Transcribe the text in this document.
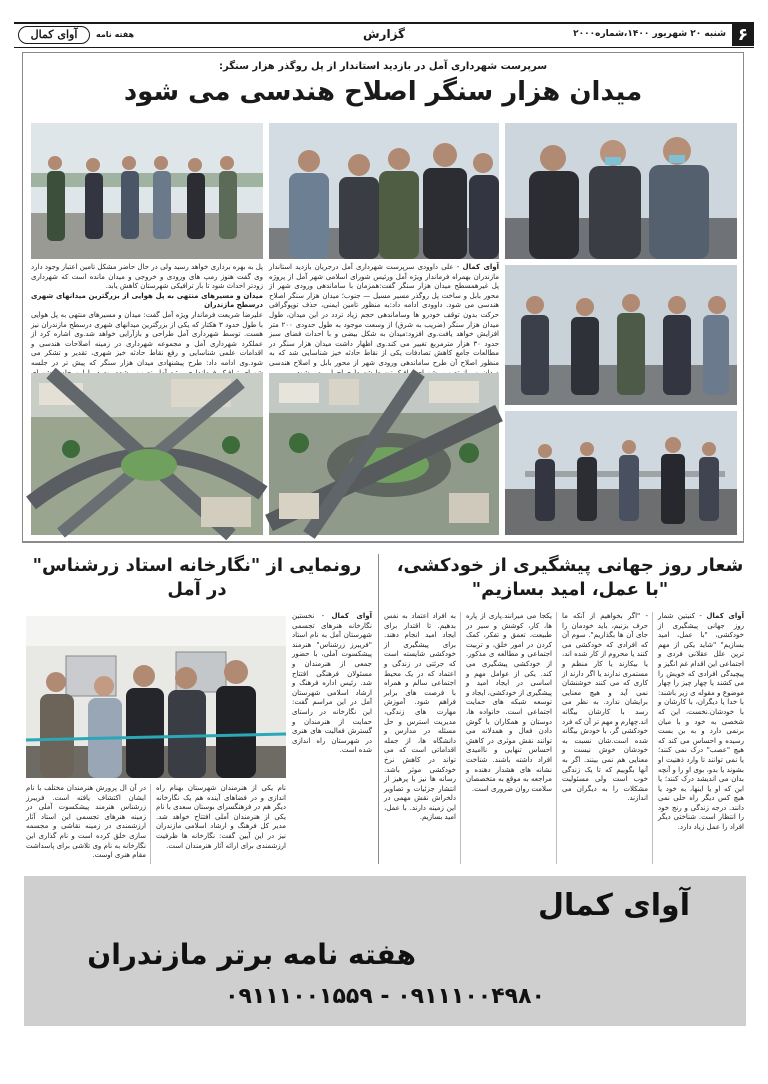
۶
شنبه ۲۰ شهریور ۱۴۰۰،شماره۲۰۰۰
گزارش
آوای کمال	هفته نامه
سرپرست شهرداری آمل در بازدید استاندار از پل روگذر هزار سنگر:
میدان هزار سنگر اصلاح هندسی می شود
آوای کمال - علی داوودی سرپرست شهرداری آمل درجریان بازدید استاندار مازندران بهمراه فرماندار ویژه آمل ورئیس شورای اسلامی شهر آمل از پروژه پل غیرهمسطح میدان هزار سنگر گفت:همزمان با ساماندهی ورودی شهر از محور بابل و ساخت پل روگذر مسیر مسیل — جنوب؛ میدان هزار سنگر اصلاح هندسی می شود. داوودی ادامه داد:به منظور تامین ایمنی، حذف توپوگرافی حرکت بدون توقف خودرو ها وساماندهی حجم زیاد تردد در این میدان، طول میدان هزار سنگر (ضریب به شرق) از وسعت موجود به طول حدودی ۲۰۰ متر افزایش خواهد یافت.وی افزود:میدان به شکل بیضی و با احداث فضای سبز حدود ۳۰ هزار مترمربع تغییر می کند.وی اظهار داشت میدان هزار سنگر در مطالعات جامع کاهش تصادفات یکی از نقاط حادثه خیز شناسایی شد که به منظور اصلاح آن طرح ساماندهی ورودی شهر از محور بابل و اصلاح هندسی
پل به بهره برداری خواهد رسید ولی در حال حاضر مشکل تامین اعتبار وجود دارد وی گفت هنوز رمپ های ورودی و خروجی و میدان مانده است که شهرداری زودتر احداث شود تا بار ترافیکی شهرستان کاهش یابد.
میدان و مسیرهای منتهی به پل هوایی از بزرگترین میدانهای شهری درسطح مازندران
علیرضا شریعت فرماندار ویژه آمل گفت: میدان و مسیرهای منتهی به پل هوایی با طول حدود ۳ هکتار که یکی از بزرگترین میدانهای شهری درسطح مازندران نیز هست. توسط شهرداری آمل طراحی و بازآرایی خواهد شد.وی اشاره کرد از عملکرد شهرداری آمل و مجموعه شهرداری در زمینه اصلاحات هندسی و اقدامات علمی شناسایی و رفع نقاط حادثه خیز شهری، تقدیر و تشکر می شود.وی ادامه داد: طرح پیشنهادی میدان هزار سنگر که پیش تر در جلسه
شعار روز جهانی پیشگیری از خودکشی،
"با عمل، امید بسازیم"
آوای کمال - کنیتین شمار روز جهانی پیشگیری از خودکشی، "با عمل، امید بسازیم" "شاید یکی از مهم ترین علل عقلانی فردی و اجتماعی این اقدام غم انگیز و پیچیدگی افرادی که خویش را می کشند یا چهار چیز را چهار موضوع و مقوله ی زیر باشند: با خدا یا دیگران، با کارشان و با خودشان.نخست، این که شخصی به خود و با میان برنمی دارد و به بن بست رسیده و احساس می کند که هیچ "عصب" درک نمی کنند؛ یا نمی توانند تا وارد ذهنیت او بشوند یا بدو، بوی او را و آنچه بدان می اندیشد درک کنند؛ یا این که او یا اینها، به خود یا هیچ کس دیگر راه حلی نمی دانند. درجه زندگی و رنج خود را انتظار است. شناختی دیگر افراد را عمل زیاد دارد.
- "اگر بخواهیم از آنکه ما حرف بزنیم، باید خودمان را جای آن ها بگذاریم". سوم آن که افرادی که خودکشی می کنند یا محروم از کار شده اند، یا بیکارند یا کار منظم و مستمری ندارند یا اگر دارند از کاری که می کنند خوشنشان نمی آید و هیچ معنایی برایشان ندارد. به نظر می رسد با کارشان بیگانه اند.چهارم و مهم تر آن که فرد خودکشی گر، با خودش بیگانه شده است.شان نسبت به خودشان خوش نیست و معنایی هم نمی بینند. اگر به آنها بگوییم که تا یک زندگی خوب است ولی مسئولیت مشکلات را به دیگران می اندازند.
یکجا می میرانند.پاری از پاره ها، کار، کوشش و سیر در طبیعت، تعمق و تفکر، کمک کردن در امور خلق، و تربیت اجتماعی و مطالعه ی مذکور. از خودکشی پیشگیری می کند. یکی از عوامل مهم و اساسی در ایجاد امید و پیشگیری از خودکشی، ایجاد و توسعه شبکه های حمایت اجتماعی است. خانواده ها، دوستان و همکاران با گوش دادن فعال و همدلانه می توانند نقش موثری در کاهش احساس تنهایی و ناامیدی افراد داشته باشند. شناخت نشانه های هشدار دهنده و مراجعه به موقع به متخصصان سلامت روان ضروری است.
به افراد اعتماد به نفس بدهیم. تا اقتدار برای ایجاد امید انجام دهند. برای پیشگیری از خودکشی شایسته است که جرئتی در زندگی و اعتماد که در یک محیط اجتماعی سالم و همراه با فرصت های برابر فراهم شود. آموزش مهارت های زندگی، مدیریت استرس و حل مسئله در مدارس و دانشگاه ها، از جمله اقداماتی است که می تواند در کاهش نرخ خودکشی موثر باشد. رسانه ها نیز با پرهیز از انتشار جزئیات و تصاویر دلخراش نقش مهمی در این زمینه دارند. با عمل، امید بسازیم.
رونمایی از "نگارخانه استاد زرشناس"
در آمل
آوای کمال - نخستین نگارخانه هنرهای تجسمی شهرستان آمل به نام استاد "فریبرز زرشناس" هنرمند پیشکسوت آملی، با حضور جمعی از هنرمندان و مسئولان فرهنگی افتتاح شد. رئیس اداره فرهنگ و ارشاد اسلامی شهرستان آمل در این مراسم گفت: این نگارخانه در راستای حمایت از هنرمندان و گسترش فعالیت های هنری در شهرستان راه اندازی شده است.
نام یکی از هنرمندان شهرستان بهنام راه اندازی و در فضاهای آینده هم یک نگارخانه دیگر هم در فرهنگسرای بوستان سعدی با نام یکی از هنرمندان آملی افتتاح خواهد شد. مدیر کل فرهنگ و ارشاد اسلامی مازندران نیز در این آیین گفت: نگارخانه ها ظرفیت ارزشمندی برای ارائه آثار هنرمندان است.
در آن ال پرورش هنرمندان مختلف با نام ایشان اکتشاف یافته است. فریبرز زرشناس هنرمند پیشکسوت آملی در زمینه هنرهای تجسمی این استاد آثار ارزشمندی در زمینه نقاشی و مجسمه سازی خلق کرده است و نام گذاری این نگارخانه به نام وی تلاشی برای پاسداشت مقام هنری اوست.
آوای کمال
هفته نامه برتر مازندران
۰۹۱۱۱۰۰۱۵۵۹ - ۰۹۱۱۱۰۰۴۹۸۰
